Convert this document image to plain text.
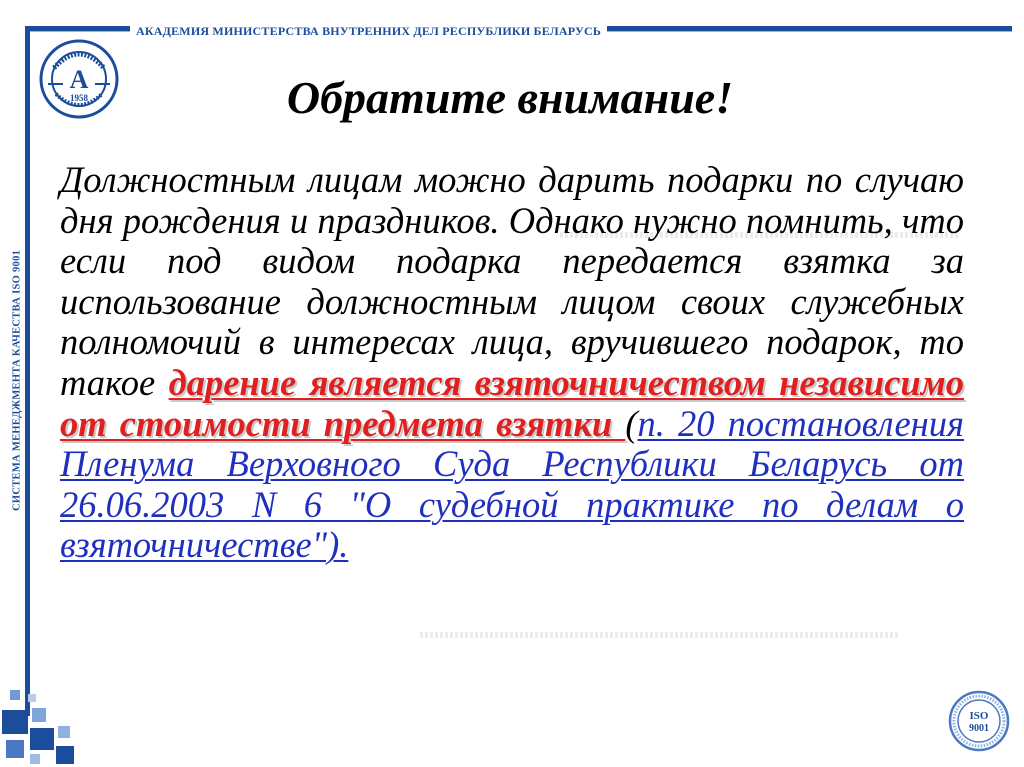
АКАДЕМИЯ МИНИСТЕРСТВА ВНУТРЕННИХ ДЕЛ РЕСПУБЛИКИ БЕЛАРУСЬ
СИСТЕМА МЕНЕДЖМЕНТА КАЧЕСТВА ISO 9001
А
1958
ISO
9001
Обратите внимание!
Должностным лицам можно дарить подарки по случаю дня рождения и праздников. Однако нужно помнить, что если под видом подарка передается взятка за использование должностным лицом своих служебных полномочий в интересах лица, вручившего подарок, то такое дарение является взяточничеством независимо от стоимости предмета взятки (п. 20 постановления Пленума Верховного Суда Республики Беларусь от 26.06.2003 N 6 "О судебной практике по делам о взяточничестве").
